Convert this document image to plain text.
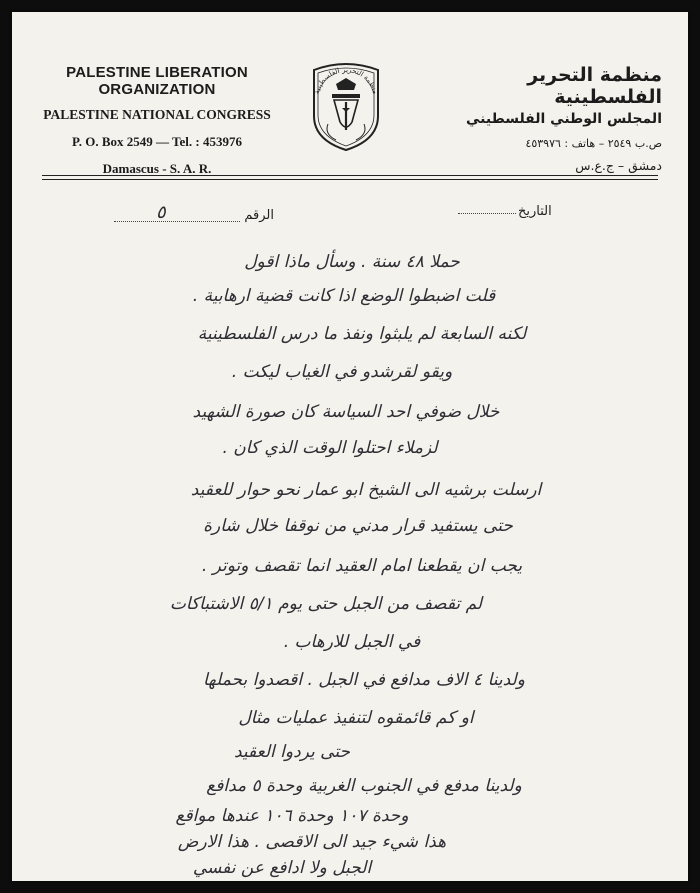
PALESTINE LIBERATION ORGANIZATION
PALESTINE NATIONAL CONGRESS
P. O. Box 2549 — Tel. : 453976
Damascus - S. A. R.
منظمة التحرير الفلسطينية
منظمة التحرير الفلسطينية
المجلس الوطني الفلسطيني
ص.ب ٢٥٤٩ – هاتف : ٤٥٣٩٧٦
دمشق – ج.ع.س
التاريخ
الرقم
٥
حملا ٤٨ سنة . وسأل ماذا اقول
قلت اضبطوا الوضع اذا كانت قضية ارهابية .
لكنه السابعة لم يلبثوا ونفذ ما درس الفلسطينية
ويقو لقرشدو في الغياب ليكت .
خلال ضوفي احد السياسة كان صورة الشهيد
لزملاء احتلوا الوقت الذي كان .
ارسلت برشيه الى الشيخ ابو عمار نحو حوار للعقيد
حتى يستفيد قرار مدني من نوقفا خلال شارة
يجب ان يقطعنا امام العقيد انما تقصف وتوتر .
لم تقصف من الجبل حتى يوم ٥/١ الاشتباكات
في الجبل للارهاب .
ولدينا ٤ الاف مدافع في الجبل . اقصدوا بحملها
او كم قائمقوه لتنفيذ عمليات مثال
حتى يردوا العقيد
ولدينا مدفع في الجنوب الغربية وحدة ٥ مدافع
وحدة ١٠٧ وحدة ١٠٦ عندها مواقع
هذا شيء جيد الى الاقصى . هذا الارض
الجبل ولا ادافع عن نفسي
